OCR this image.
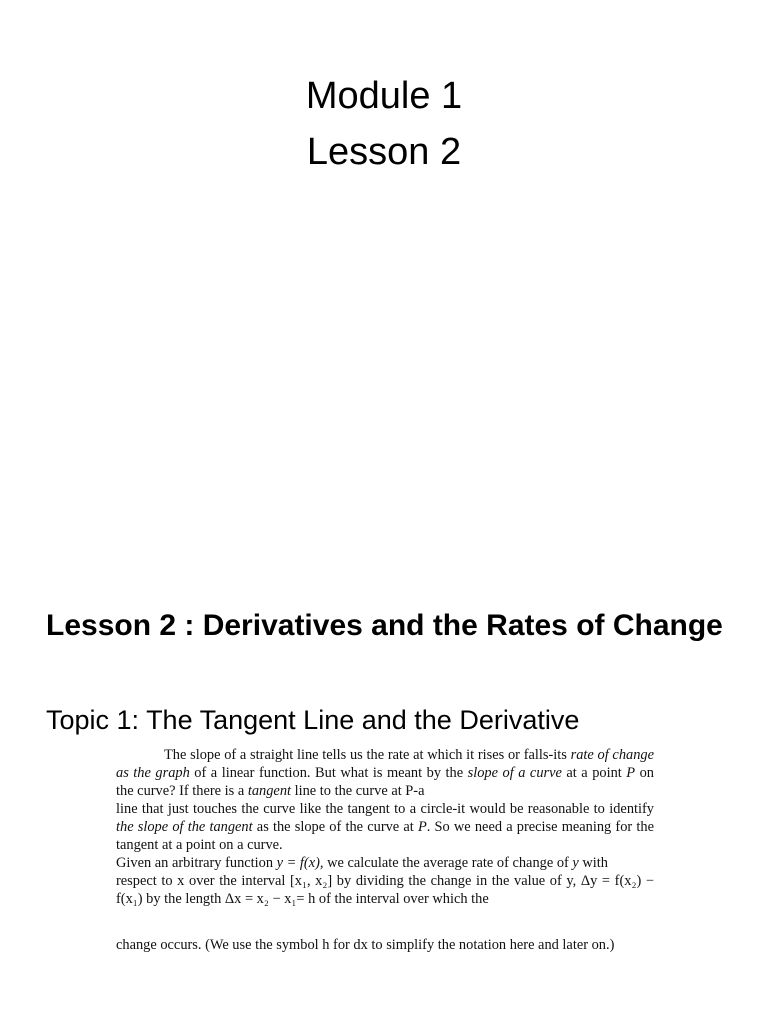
Module 1
Lesson 2
Lesson 2 : Derivatives and the Rates of Change
Topic 1: The Tangent Line and the Derivative

The slope of a straight line tells us the rate at which it rises or falls-its rate of change as the graph of a linear function. But what is meant by the slope of a curve at a point P on the curve? If there is a tangent line to the curve at P-a

line that just touches the curve like the tangent to a circle-it would be reasonable to identify the slope of the tangent as the slope of the curve at P. So we need a precise meaning for the tangent at a point on a curve.

Given an arbitrary function y = f(x), we calculate the average rate of change of y with

respect to x over the interval [x₁, x₂] by dividing the change in the value of y, Δy = f(x₂) − f(x₁) by the length Δx = x₂ − x₁= h of the interval over which the

change occurs. (We use the symbol h for dx to simplify the notation here and later on.)
